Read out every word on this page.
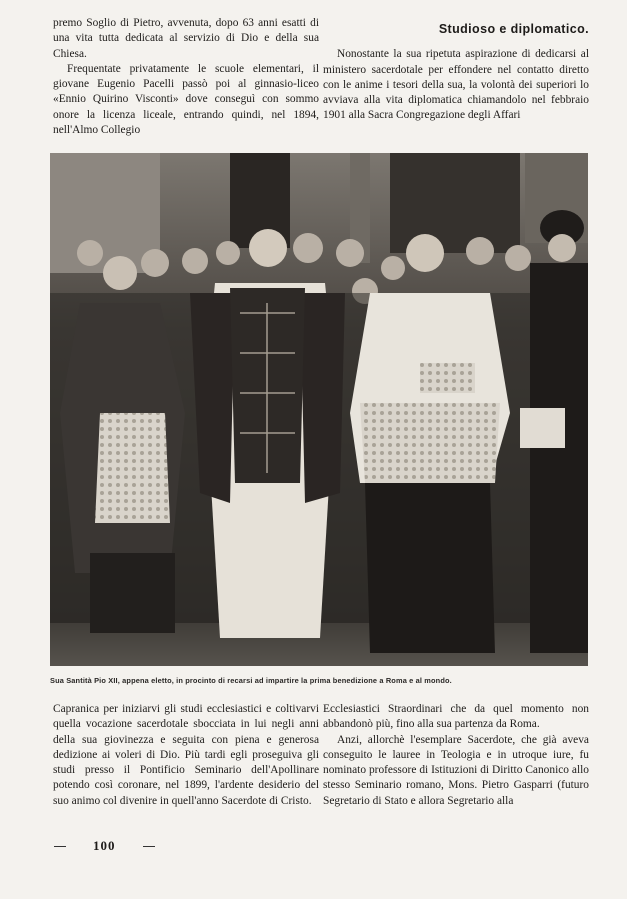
premo Soglio di Pietro, avvenuta, dopo 63 anni esatti di una vita tutta dedicata al servizio di Dio e della sua Chiesa.

Frequentate privatamente le scuole elementari, il giovane Eugenio Pacelli passò poi al ginnasio-liceo «Ennio Quirino Visconti» dove conseguì con sommo onore la licenza liceale, entrando quindi, nel 1894, nell'Almo Collegio

Studioso e diplomatico.

Nonostante la sua ripetuta aspirazione di dedicarsi al ministero sacerdotale per effondere nel contatto diretto con le anime i tesori della sua, la volontà dei superiori lo avviava alla vita diplomatica chiamandolo nel febbraio 1901 alla Sacra Congregazione degli Affari

Sua Santità Pio XII, appena eletto, in procinto di recarsi ad impartire la prima benedizione a Roma e al mondo.

Capranica per iniziarvi gli studi ecclesiastici e coltivarvi quella vocazione sacerdotale sbocciata in lui negli anni della sua giovinezza e seguita con piena e generosa dedizione ai voleri di Dio. Più tardi egli proseguiva gli studi presso il Pontificio Seminario dell'Apollinare potendo così coronare, nel 1899, l'ardente desiderio del suo animo col divenire in quell'anno Sacerdote di Cristo.

Ecclesiastici Straordinari che da quel momento non abbandonò più, fino alla sua partenza da Roma.

Anzi, allorchè l'esemplare Sacerdote, che già aveva conseguito le lauree in Teologia e in utroque iure, fu nominato professore di Istituzioni di Diritto Canonico allo stesso Seminario romano, Mons. Pietro Gasparri (futuro Segretario di Stato e allora Segretario alla

100
